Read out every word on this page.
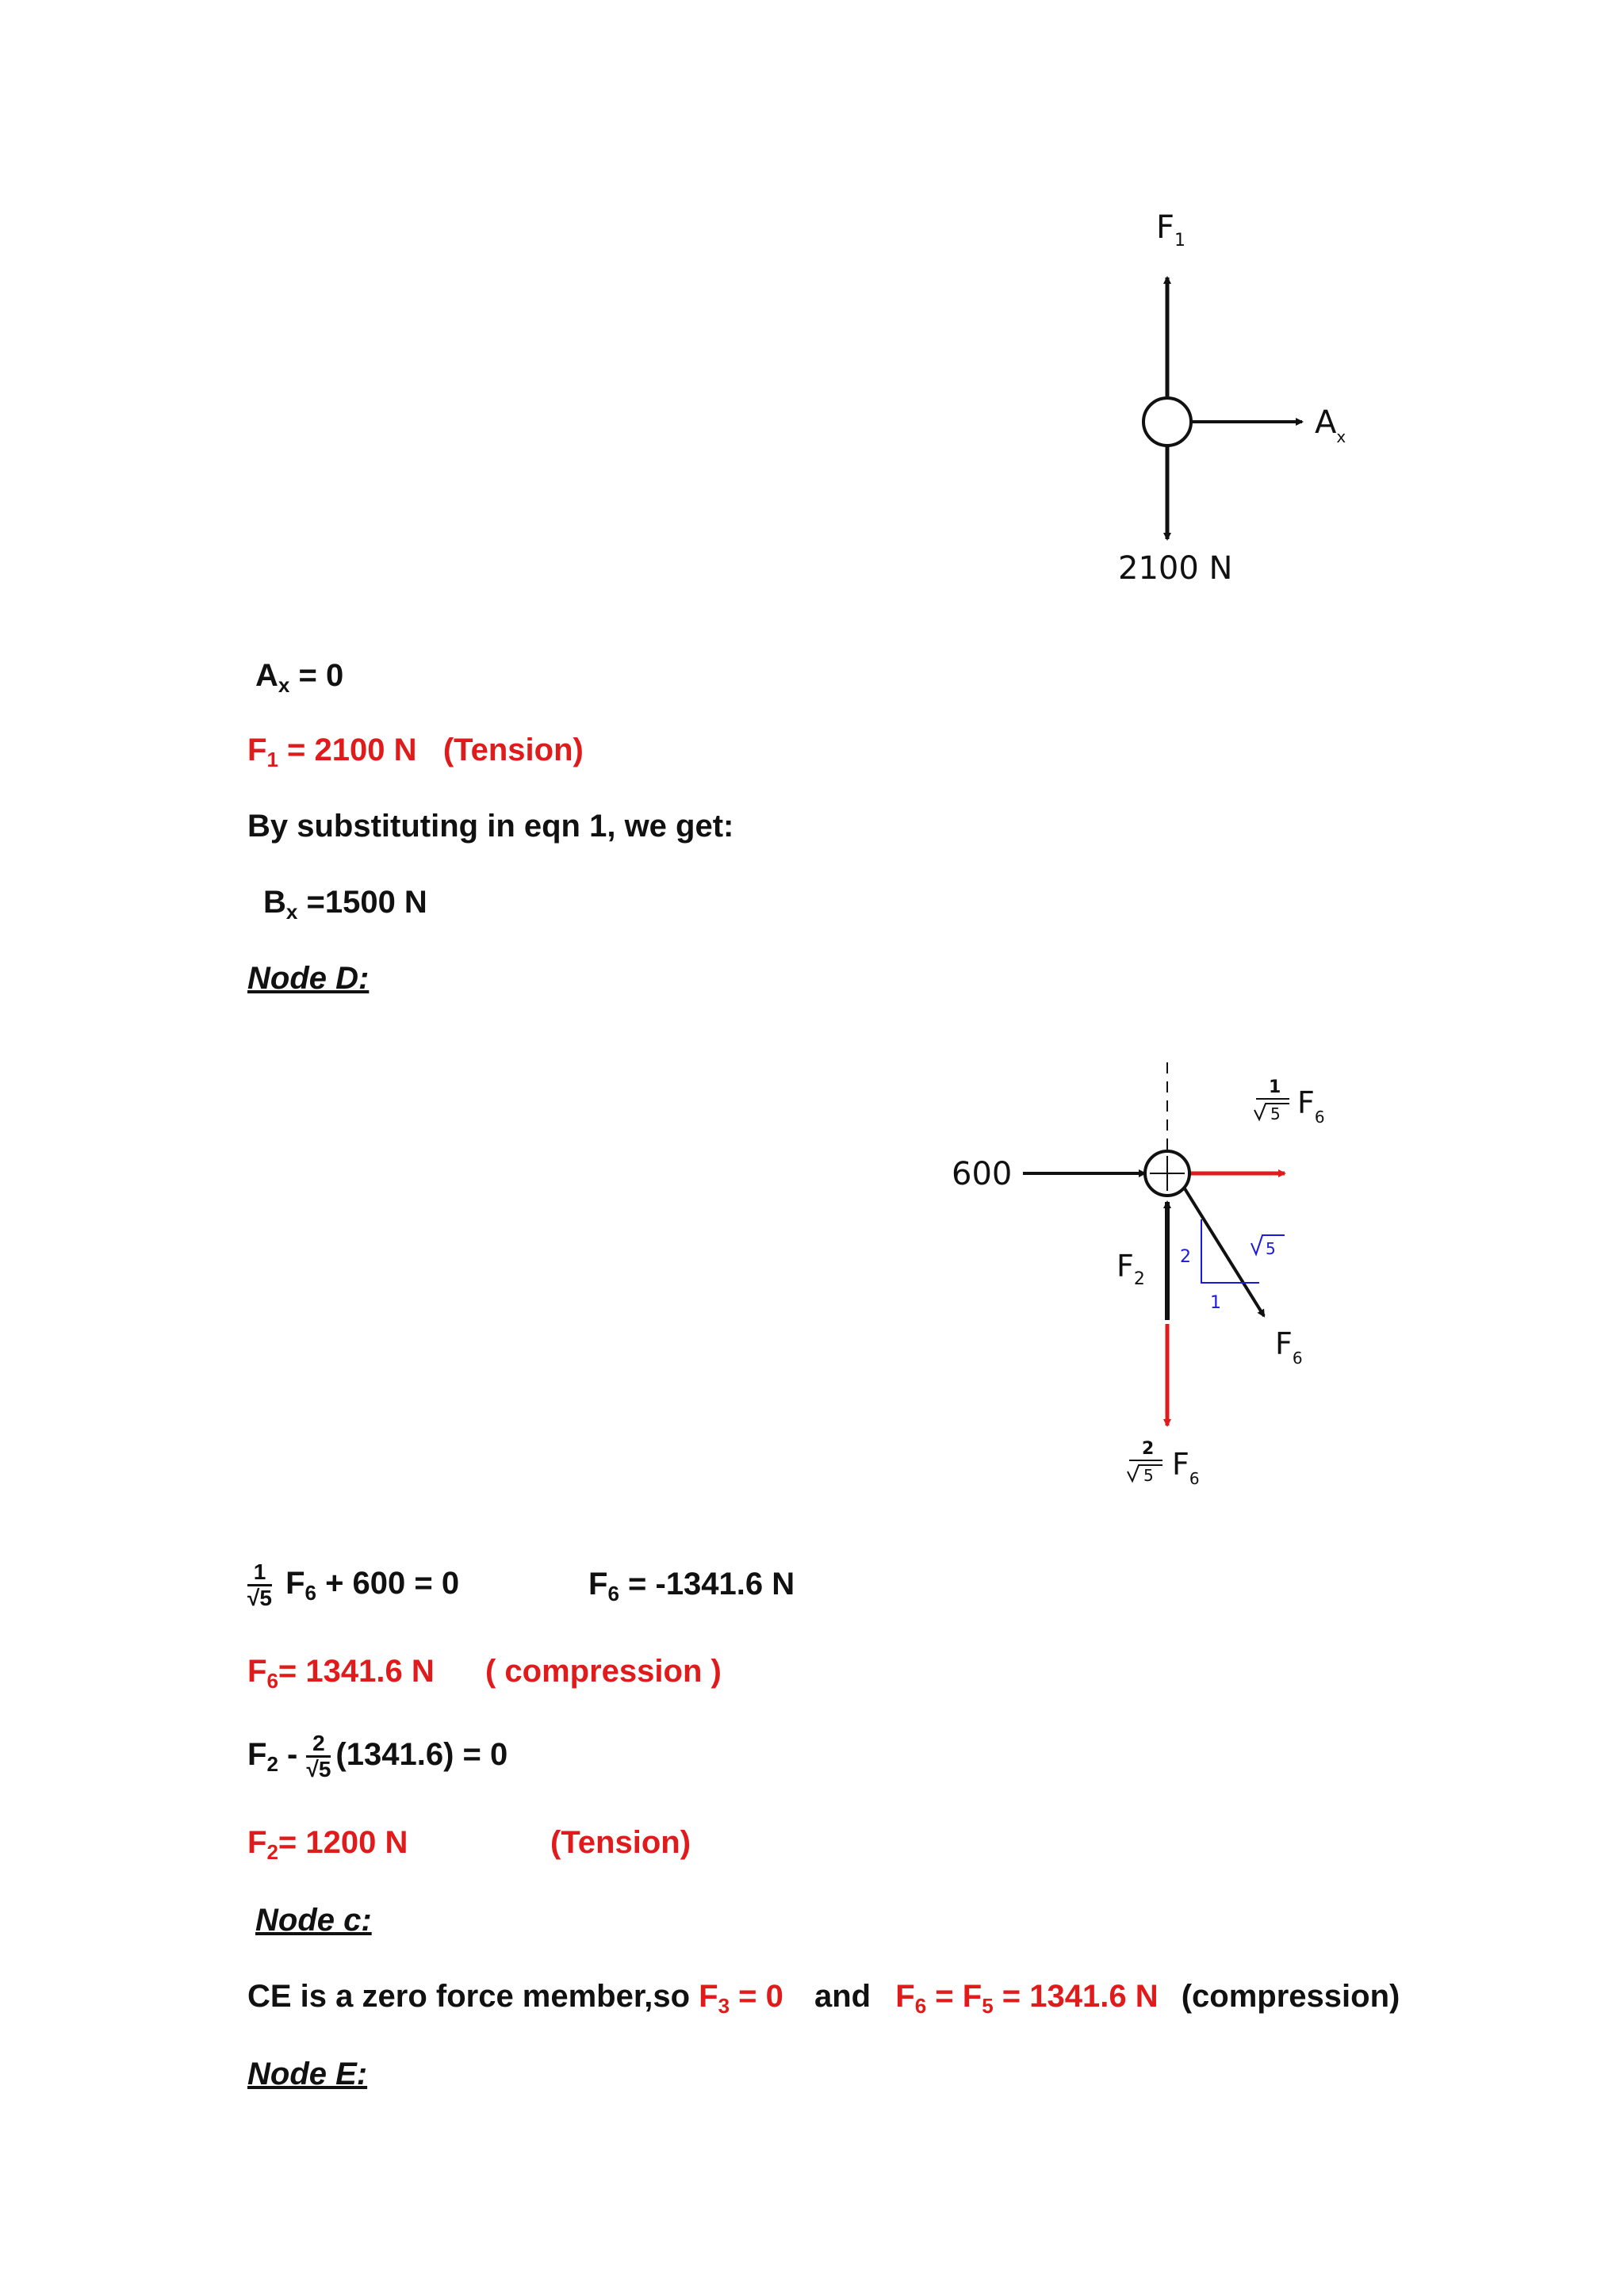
$F_1$
$A_x$
2100 N
$A_x = 0$
$F_1 = 2100$ N   (Tension)
By substituting in eqn 1, we get:
$B_x =1500$ N
Node D:
600
2
1
5
1
5 $F_6$
$F_2$
$F_6$
2
5 $F_6$
$\frac{1}{√5} F_6 + 600 = 0$	$F_6 = -1341.6$ N
$F_6= 1341.6$ N ( compression )
$F_2 - \frac{2}{√5} (1341.6) = 0$
$F_2= 1200$ N	(Tension)
Node c:
CE is a zero force member,so $F_3 = 0$ and $F_6 = F_5 = 1341.6$ N (compression)
Node E:
